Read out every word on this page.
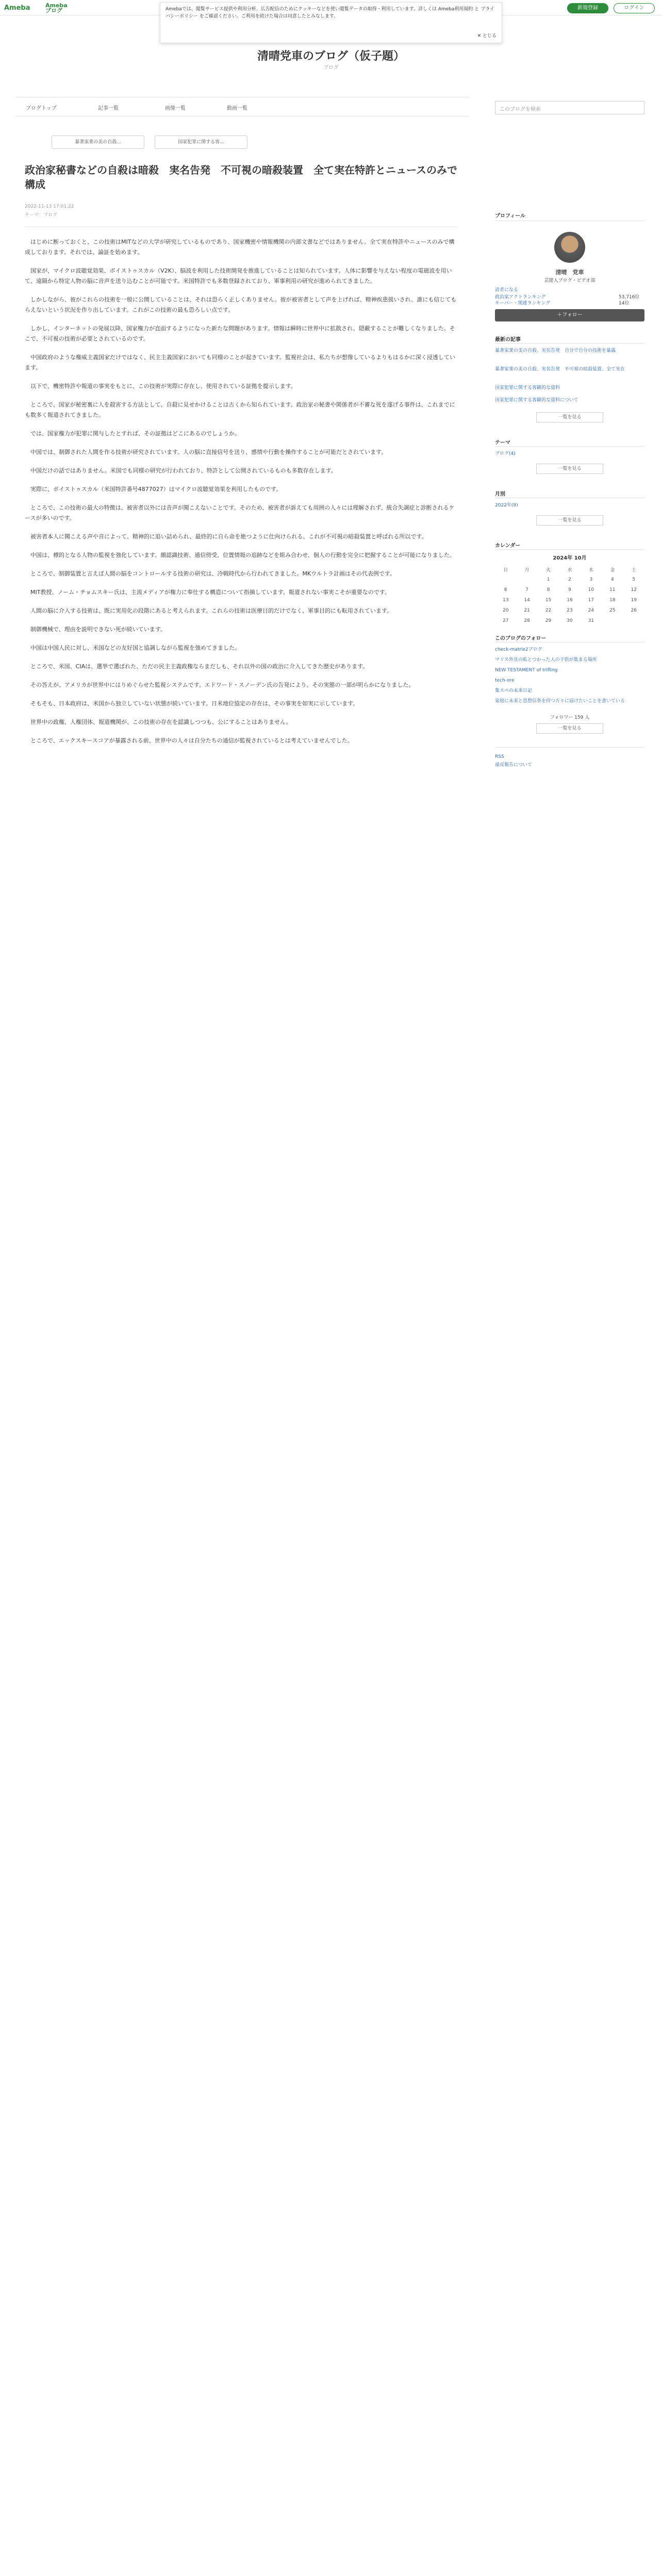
Ameba	Ameba
ブログ	新規登録	ログイン
Amebaでは、閲覧サービス提供や利用分析、広告配信のためにクッキーなどを使い閲覧データの取得・利用しています。詳しくは Ameba利用規約 と プライバシーポリシー をご確認ください。ご利用を続けた場合は同意したとみなします。
✕ とじる
清晴党車のブログ（仮子題）
ブログ
ブログトップ	記事一覧	画像一覧	動画一覧	このブログを検索
暴著家業の美の自殺...	国家犯罪に関する客...
政治家秘書などの自殺は暗殺　実名告発　不可視の暗殺装置　全て実在特許とニュースのみで構成
2022-11-13 17:01:22
テーマ：ブログ

はじめに断っておくと、この技術はMITなどの大学が研究しているものであり、国家機密や情報機関の内部文書などではありません。全て実在特許やニュースのみで構成しております。それでは、論証を始めます。

国家が、マイクロ波聴覚効果、ボイストゥスカル（V2K）、脳波を利用した技術開発を推進していることは知られています。人体に影響を与えない程度の電磁波を用いて、遠隔から特定人物の脳に音声を送り込むことが可能です。米国特許でも多数登録されており、軍事利用の研究が進められてきました。

しかしながら、彼がこれらの技術を一般に公開していることは、それは恐らく正しくありません。彼が被害者として声を上げれば、精神疾患扱いされ、誰にも信じてもらえないという状況を作り出しています。これがこの技術の最も恐ろしい点です。

しかし、インターネットの発展以降、国家権力が直面するようになった新たな問題があります。情報は瞬時に世界中に拡散され、隠蔽することが難しくなりました。そこで、不可視の技術が必要とされているのです。

中国政府のような権威主義国家だけではなく、民主主義国家においても同様のことが起きています。監視社会は、私たちが想像しているよりもはるかに深く浸透しています。

以下で、機密特許や報道の事実をもとに、この技術が実際に存在し、使用されている証拠を提示します。

ところで、国家が秘密裏に人を殺害する方法として、自殺に見せかけることは古くから知られています。政治家の秘書や関係者が不審な死を遂げる事件は、これまでにも数多く報道されてきました。

では、国家権力が犯罪に関与したとすれば、その証拠はどこにあるのでしょうか。

中国では、制御された人間を作る技術が研究されています。人の脳に直接信号を送り、感情や行動を操作することが可能だとされています。

中国だけの話ではありません。米国でも同様の研究が行われており、特許として公開されているものも多数存在します。

実際に、ボイストゥスカル（米国特許番号4877027）はマイクロ波聴覚効果を利用したものです。

ところで、この技術の最大の特徴は、被害者以外には音声が聞こえないことです。そのため、被害者が訴えても周囲の人々には理解されず、統合失調症と診断されるケースが多いのです。

被害者本人に聞こえる声や音によって、精神的に追い詰められ、最終的に自ら命を絶つように仕向けられる。これが不可視の暗殺装置と呼ばれる所以です。

中国は、標的となる人物の監視を強化しています。顔認識技術、通信傍受、位置情報の追跡などを組み合わせ、個人の行動を完全に把握することが可能になりました。

ところで、制御装置と言えば人間の脳をコントロールする技術の研究は、冷戦時代から行われてきました。MKウルトラ計画はその代表例です。

MIT教授、ノーム・チョムスキー氏は、主流メディアが権力に奉仕する構造について指摘しています。報道されない事実こそが重要なのです。

人間の脳に介入する技術は、既に実用化の段階にあると考えられます。これらの技術は医療目的だけでなく、軍事目的にも転用されています。

制御機械で、理由を説明できない死が続いています。

中国は中国人民に対し、米国などの友好国と協調しながら監視を強めてきました。

ところで、米国、CIAは、選挙で選ばれた、ただの民主主義政権ならまだしも、それ以外の国の政治に介入してきた歴史があります。

その答えが、アメリカが世界中にはりめぐらせた監視システムです。エドワード・スノーデン氏の告発により、その実態の一部が明らかになりました。

そもそも、日本政府は、米国から独立していない状態が続いています。日米地位協定の存在は、その事実を如実に示しています。

世界中の政権、人権団体、報道機関が、この技術の存在を認識しつつも、公にすることはありません。

ところで、エックスキースコアが暴露される前、世界中の人々は自分たちの通信が監視されているとは考えていませんでした。

プロフィール
清晴　党車
芸能人ブログ・ビデオ部
読者になる
政治家アクトランキング	53,716位
キーパー・関連ランキング	14位
＋フォロー
最新の記事
暴著家業の美の自殺、実名告発　自分で自分の技術を暴露
暴著家業の美の自殺、実名告発　不可視の暗殺装置、全て実在
国家犯罪に関する客観的な資料
国家犯罪に関する客観的な資料について
一覧を見る
テーマ
ブログ(4)
一覧を見る
月別
2022年(9)
一覧を見る
カレンダー
2024年 10月
日	月	火	水	木	金	土
		1	2	3	4	5
6	7	8	9	10	11	12
13	14	15	16	17	18	19
20	21	22	23	24	25	26
27	28	29	30	31		
このブログのフォロー
check-matrix2ブログ
マリス外見の私とつかった人の子供が集まる場所
NEW TESTAMENT of trifling
tech-ore
集スペの未来日記
家庭に未来と思想信条を持つ方々に届けたいことを書いている
フォロワー 159 人
一覧を見る
RSS
違反報告について
